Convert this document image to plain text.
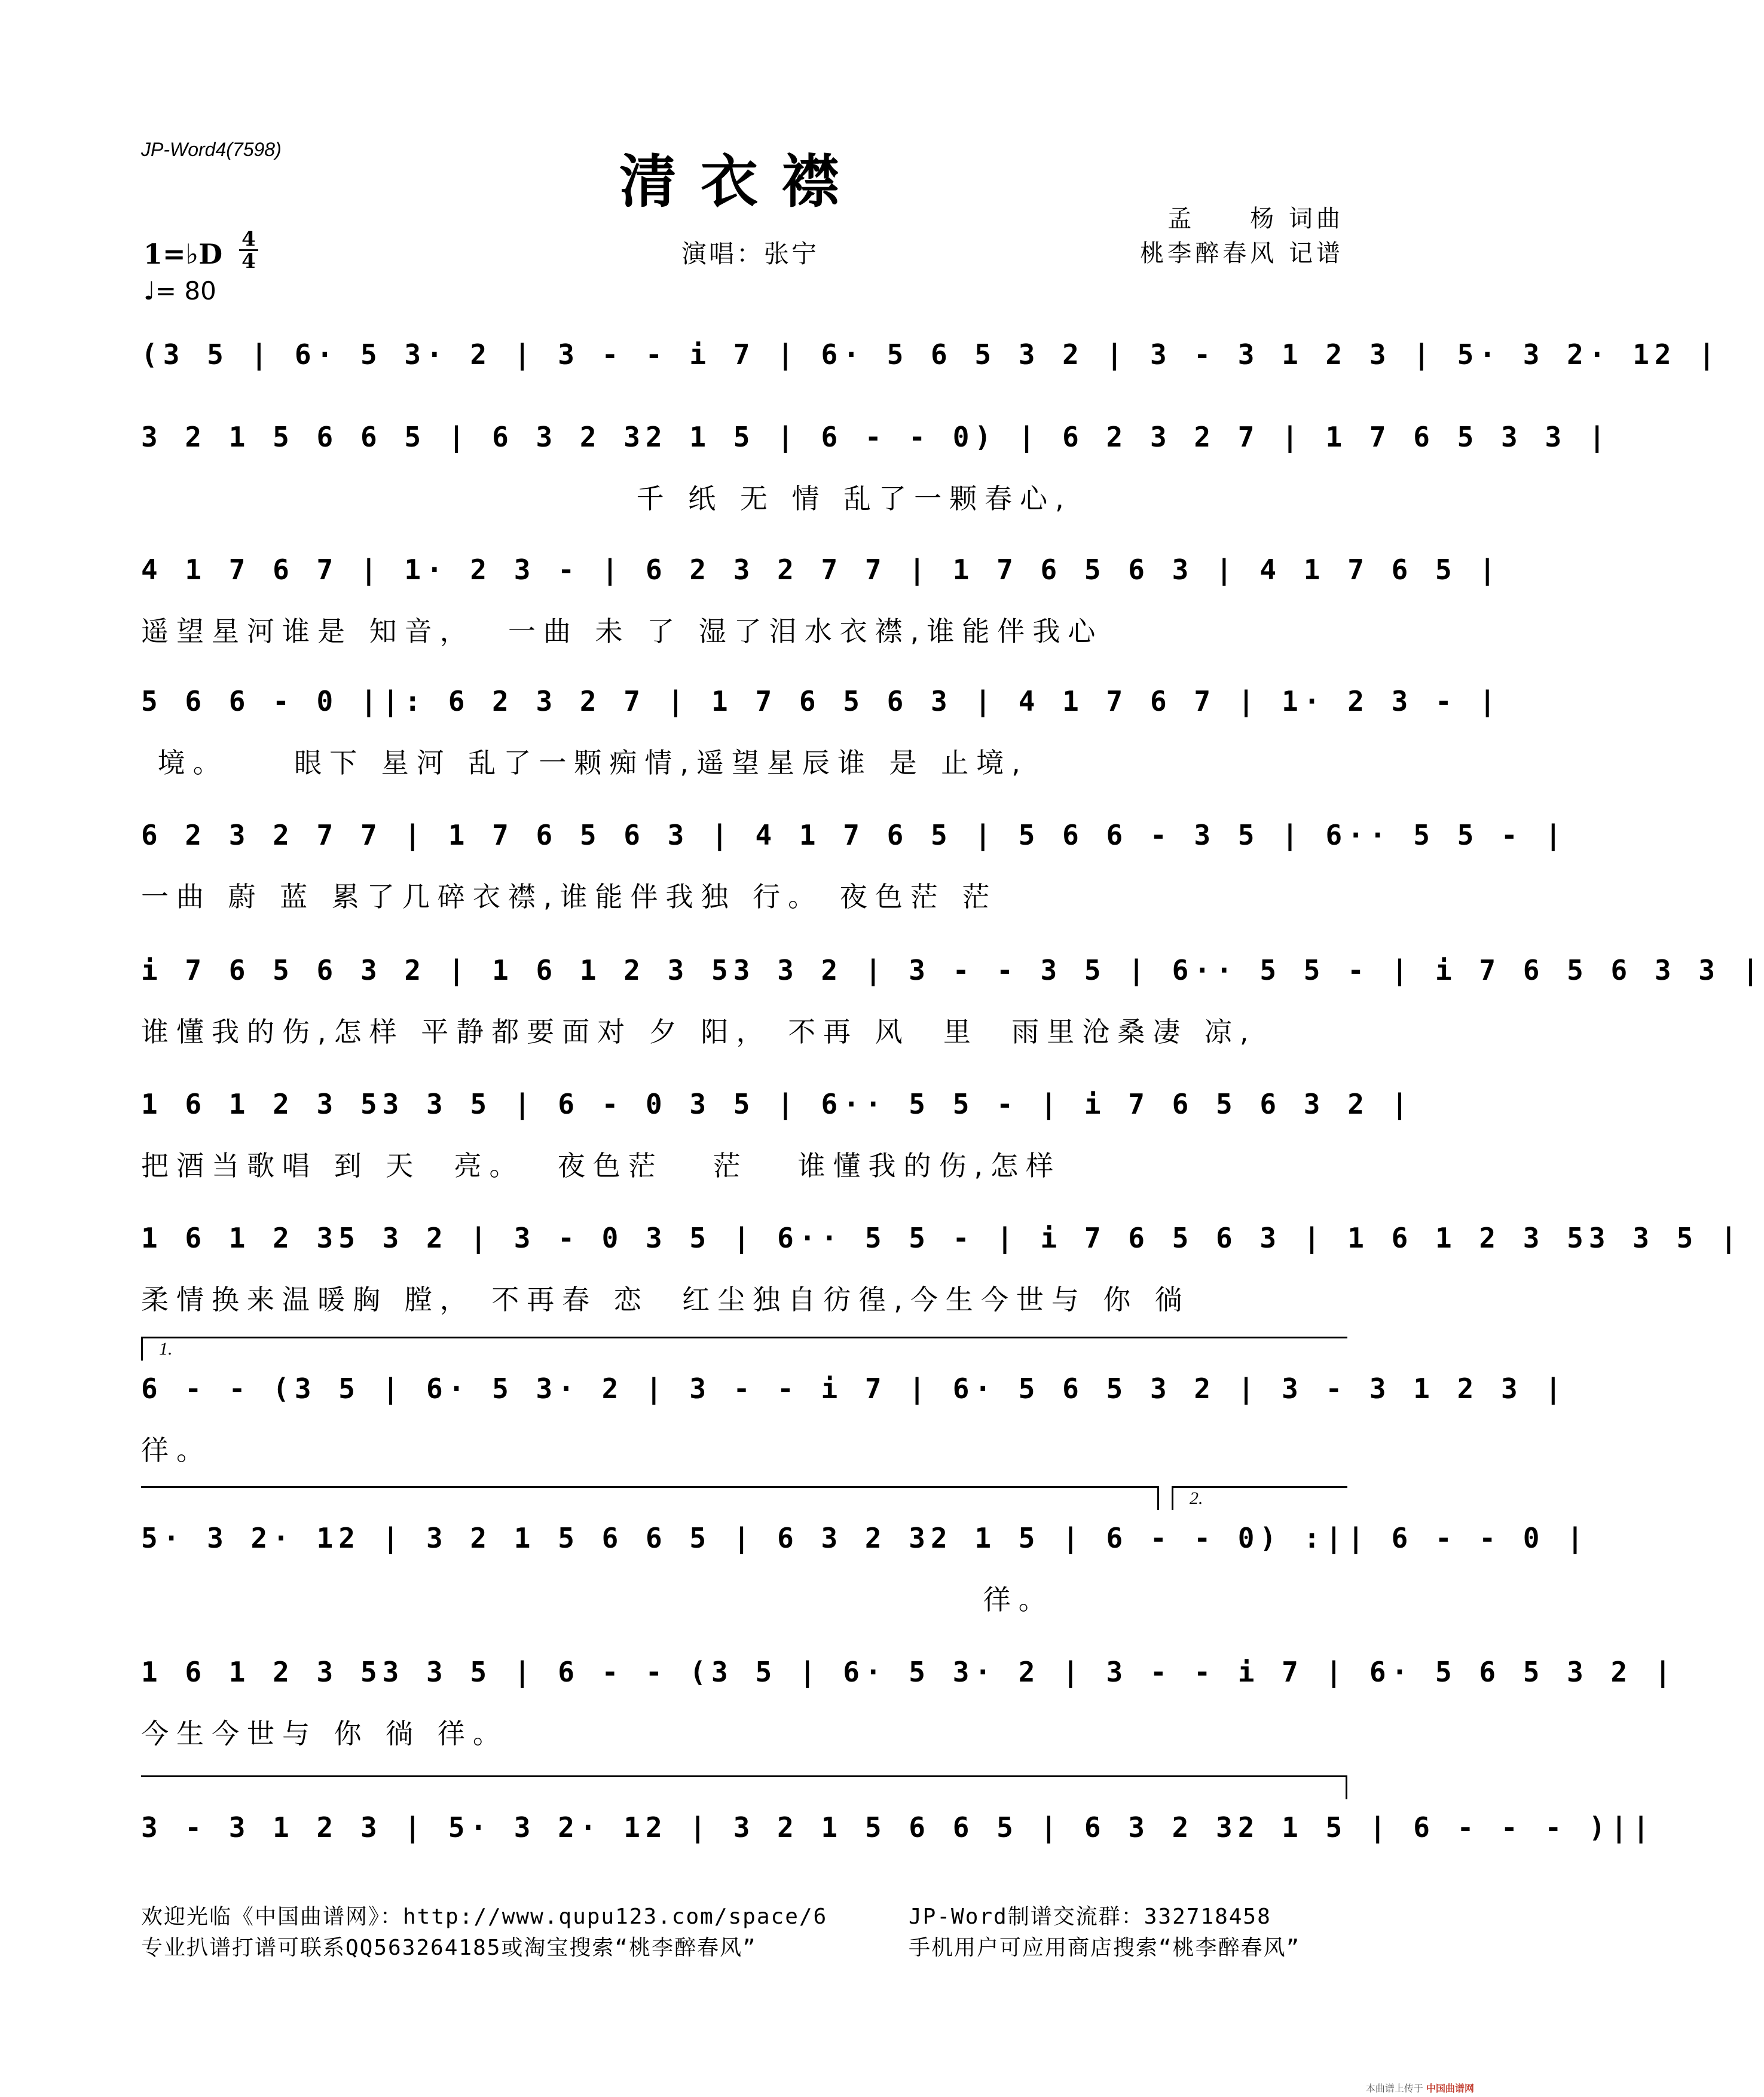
JP-Word4(7598)	清衣襟
孟　　杨 词曲
桃李醉春风 记谱
演唱：张宁
1=♭D 4
4
♩= 80
(3 5 | 6· 5 3· 2 | 3 - - i 7 | 6· 5 6 5 3 2 | 3 - 3 1 2 3 | 5· 3 2· 12 |
3 2 1 5 6 6 5 | 6 3 2 32 1 5 | 6 - - 0) | 6 2 3 2 7 | 1 7 6 5 3 3 |
千 纸 无 情 乱了一颗春心,
4 1 7 6 7 | 1· 2 3 - | 6 2 3 2 7 7 | 1 7 6 5 6 3 | 4 1 7 6 5 |
遥望星河谁是 知音，  一曲 未 了 湿了泪水衣襟,谁能伴我心
5 6 6 - 0 ||: 6 2 3 2 7 | 1 7 6 5 6 3 | 4 1 7 6 7 | 1· 2 3 - |
境。    眼下 星河 乱了一颗痴情,遥望星辰谁 是 止境,
6 2 3 2 7 7 | 1 7 6 5 6 3 | 4 1 7 6 5 | 5 6 6 - 3 5 | 6·· 5 5 - |
一曲 蔚 蓝 累了几碎衣襟,谁能伴我独 行。 夜色茫 茫
i 7 6 5 6 3 2 | 1 6 1 2 3 53 3 2 | 3 - - 3 5 | 6·· 5 5 - | i 7 6 5 6 3 3 |
谁懂我的伤,怎样 平静都要面对 夕 阳， 不再 风  里  雨里沧桑凄 凉,
1 6 1 2 3 53 3 5 | 6 - 0 3 5 | 6·· 5 5 - | i 7 6 5 6 3 2 |
把酒当歌唱 到 天  亮。  夜色茫   茫   谁懂我的伤,怎样
1 6 1 2 35 3 2 | 3 - 0 3 5 | 6·· 5 5 - | i 7 6 5 6 3 | 1 6 1 2 3 53 3 5 |
柔情换来温暖胸 膛， 不再春 恋  红尘独自彷徨,今生今世与 你 徜
1.
6 - - (3 5 | 6· 5 3· 2 | 3 - - i 7 | 6· 5 6 5 3 2 | 3 - 3 1 2 3 |
徉。
2.
5· 3 2· 12 | 3 2 1 5 6 6 5 | 6 3 2 32 1 5 | 6 - - 0) :|| 6 - - 0 |
徉。
1 6 1 2 3 53 3 5 | 6 - - (3 5 | 6· 5 3· 2 | 3 - - i 7 | 6· 5 6 5 3 2 |
今生今世与 你 徜 徉。
3 - 3 1 2 3 | 5· 3 2· 12 | 3 2 1 5 6 6 5 | 6 3 2 32 1 5 | 6 - - - )||
欢迎光临《中国曲谱网》：http://www.qupu123.com/space/6
专业扒谱打谱可联系QQ563264185或淘宝搜索“桃李醉春风”
JP-Word制谱交流群：332718458
手机用户可应用商店搜索“桃李醉春风”
本曲谱上传于 中国曲谱网
